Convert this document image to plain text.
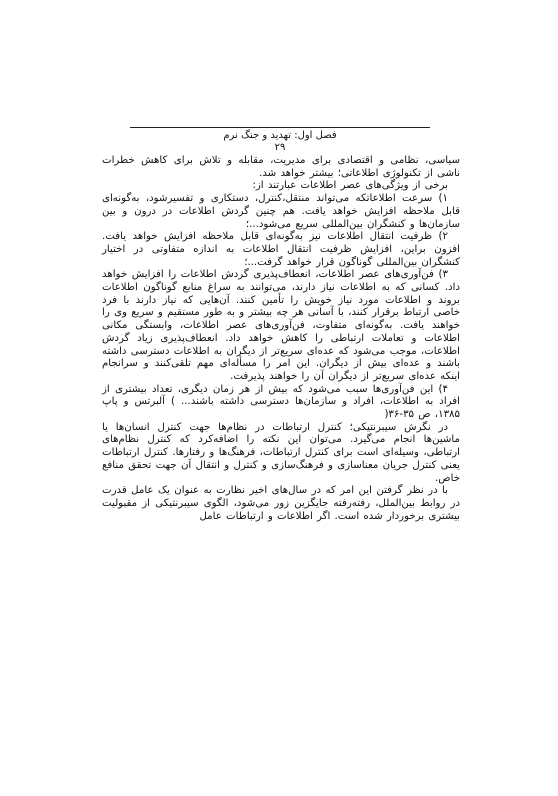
فصل اول: تهدید و جنگ نرم
۲۹

سیاسی، نظامی و اقتصادی برای مدیریت، مقابله و تلاش برای کاهش خطرات ناشی از تکنولوژی اطلاعاتی؛ بیشتر خواهد شد.

برخی از ویژگی‌های عصر اطلاعات عبارتند از:

۱) سرعت اطلاعاتکه می‌تواند منتقل،کنترل، دستکاری و تفسیرشود، به‌گونه‌ای قابل ملاحظه افزایش خواهد یافت. هم چنین گردش اطلاعات در درون و بین سازمان‌ها و کنشگران بین‌المللی سریع می‌شود...؛

۲) ظرفیت انتقال اطلاعات نیز به‌گونه‌ای قابل ملاحظه افزایش خواهد یافت. افزون براین، افزایش ظرفیت انتقال اطلاعات به اندازه متفاوتی در اختیار کنشگران بین‌المللی گوناگون قرار خواهد گرفت...؛

۳) فن‌آوری‌های عصر اطلاعات، انعطاف‌پذیری گردش اطلاعات را افزایش خواهد داد. کسانی که به اطلاعات نیاز دارند، می‌توانند به سراغ منابع گوناگون اطلاعات بروند و اطلاعات مورد نیاز خویش را تأمین کنند. آن‌هایی که نیاز دارند با فرد خاصی ارتباط برقرار کنند، با آسانی هر چه بیشتر و به طور مستقیم و سریع وی را خواهند یافت. به‌گونه‌ای متفاوت، فن‌آوری‌های عصر اطلاعات، وابستگی مکانی اطلاعات و تعاملات ارتباطی را کاهش خواهد داد. انعطاف‌پذیری زیاد گردش اطلاعات، موجب می‌شود که عده‌ای سریع‌تر از دیگران به اطلاعات دسترسی داشته باشند و عده‌ای بیش از دیگران. این امر را مسأله‌ای مهم تلقی‌کنند و سرانجام اینکه عده‌ای سریع‌تر از دیگران آن را خواهند پذیرفت.

۴) این فن‌آوری‌ها سبب می‌شود که بیش از هر زمان دیگری، تعداد بیشتری از افراد به اطلاعات، افراد و سازمان‌ها دسترسی داشته باشند... ) آلبرتس و پاپ ۱۳۸۵، ص ۳۵-۳۶(

در نگرش سیبرنتیکی؛ کنترل ارتباطات در نظام‌ها جهت کنترل انسان‌ها یا ماشین‌ها انجام می‌گیرد. می‌توان این نکته را اضافه‌کرد که کنترل نظام‌های ارتباطی، وسیله‌ای است برای کنترل ارتباطات، فرهنگ‌ها و رفتارها. کنترل ارتباطات یعنی کنترل جریان معناسازی و فرهنگ‌سازی و کنترل و انتقال آن جهت تحقق منافع خاص.

با در نظر گرفتن این امر که در سال‌های اخیر نظارت به عنوان یک عامل قدرت در روابط بین‌الملل، رفته‌رفته جایگزین زور می‌شود، الگوی سیبرنتیکی از مقبولیت بیشتری برخوردار شده است. اگر اطلاعات و ارتباطات عامل
